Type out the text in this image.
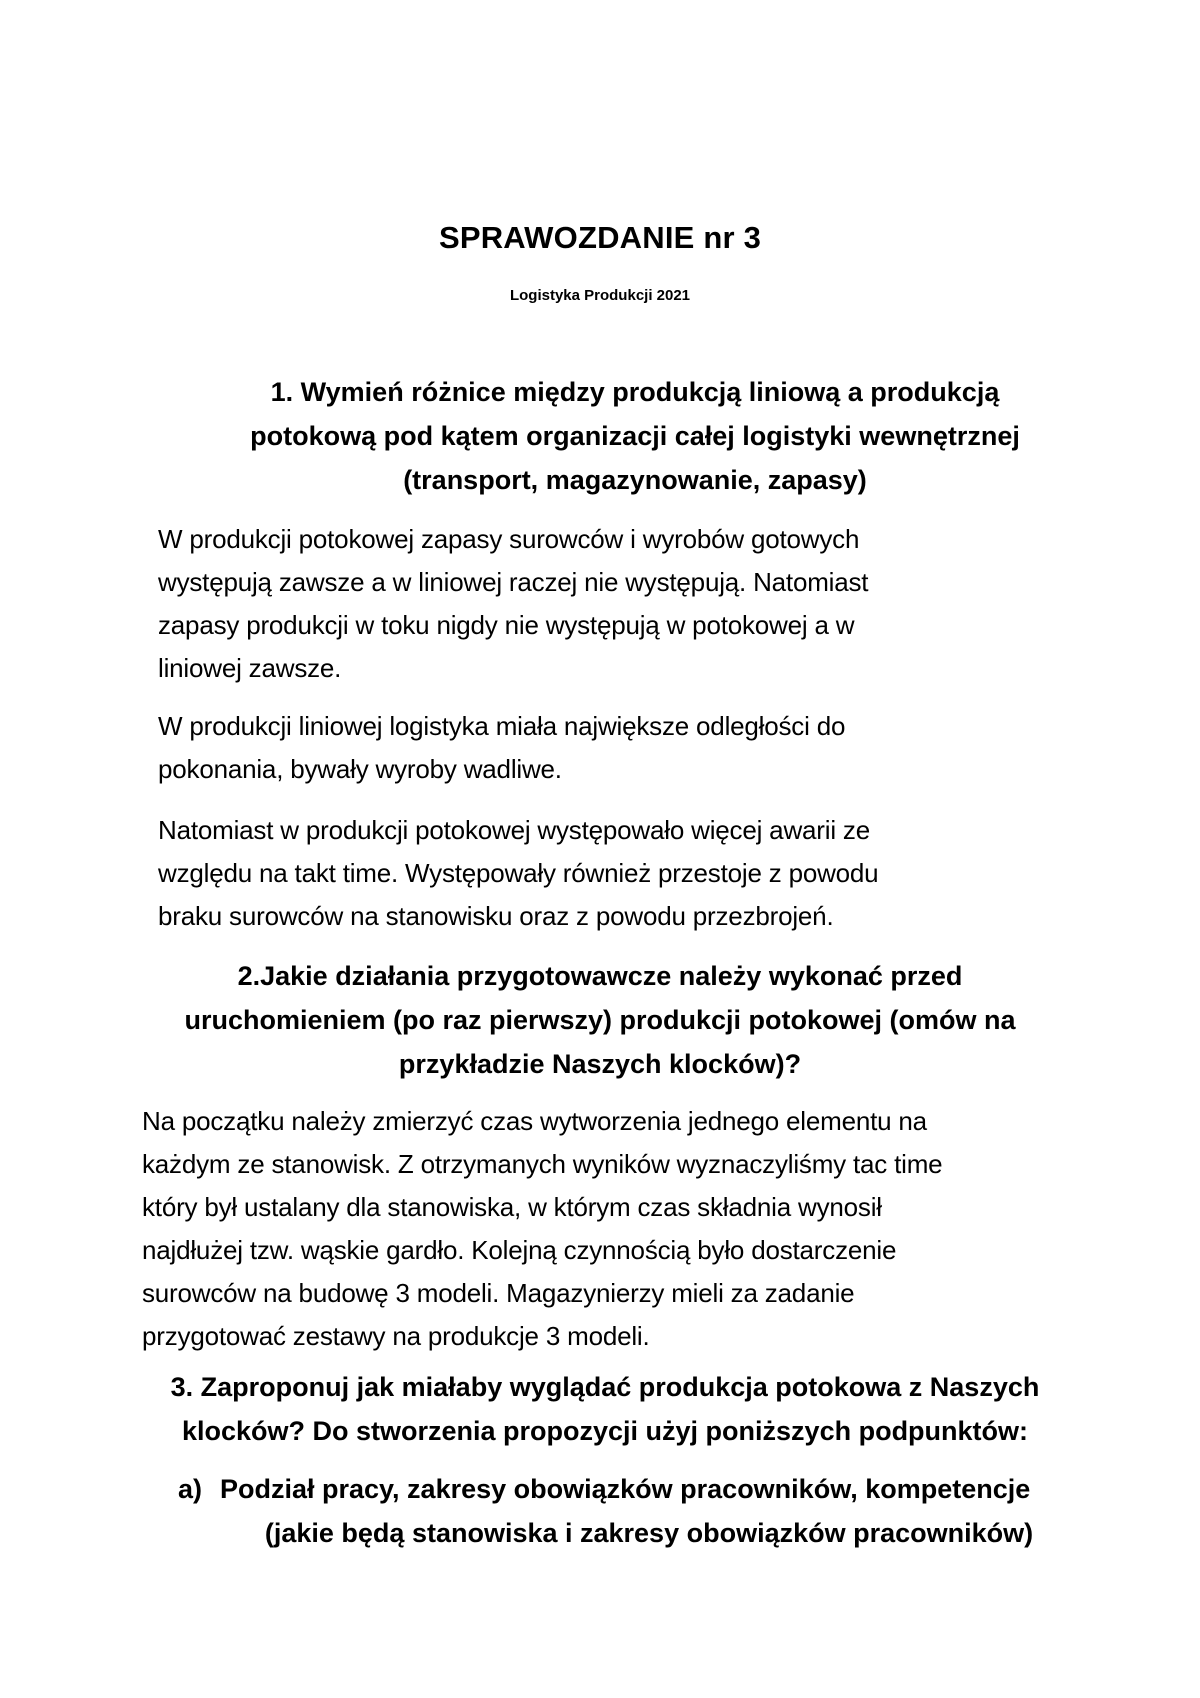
SPRAWOZDANIE nr 3
Logistyka Produkcji 2021
1. Wymień różnice między produkcją liniową a produkcją
potokową pod kątem organizacji całej logistyki wewnętrznej
(transport, magazynowanie, zapasy)
W produkcji potokowej zapasy surowców i wyrobów gotowych
występują zawsze a w liniowej raczej nie występują. Natomiast
zapasy produkcji w toku nigdy nie występują w potokowej a w
liniowej zawsze.
W produkcji liniowej logistyka miała największe odległości do
pokonania, bywały wyroby wadliwe.
Natomiast w produkcji potokowej występowało więcej awarii ze
względu na takt time. Występowały również przestoje z powodu
braku surowców na stanowisku oraz z powodu przezbrojeń.
2.Jakie działania przygotowawcze należy wykonać przed
uruchomieniem (po raz pierwszy) produkcji potokowej (omów na
przykładzie Naszych klocków)?
Na początku należy zmierzyć czas wytworzenia jednego elementu na
każdym ze stanowisk. Z otrzymanych wyników wyznaczyliśmy tac time
który był ustalany dla stanowiska, w którym czas składnia wynosił
najdłużej tzw. wąskie gardło. Kolejną czynnością było dostarczenie
surowców na budowę 3 modeli. Magazynierzy mieli za zadanie
przygotować zestawy na produkcje 3 modeli.
3. Zaproponuj jak miałaby wyglądać produkcja potokowa z Naszych
klocków? Do stworzenia propozycji użyj poniższych podpunktów:
a) Podział pracy, zakresy obowiązków pracowników, kompetencje
(jakie będą stanowiska i zakresy obowiązków pracowników)
